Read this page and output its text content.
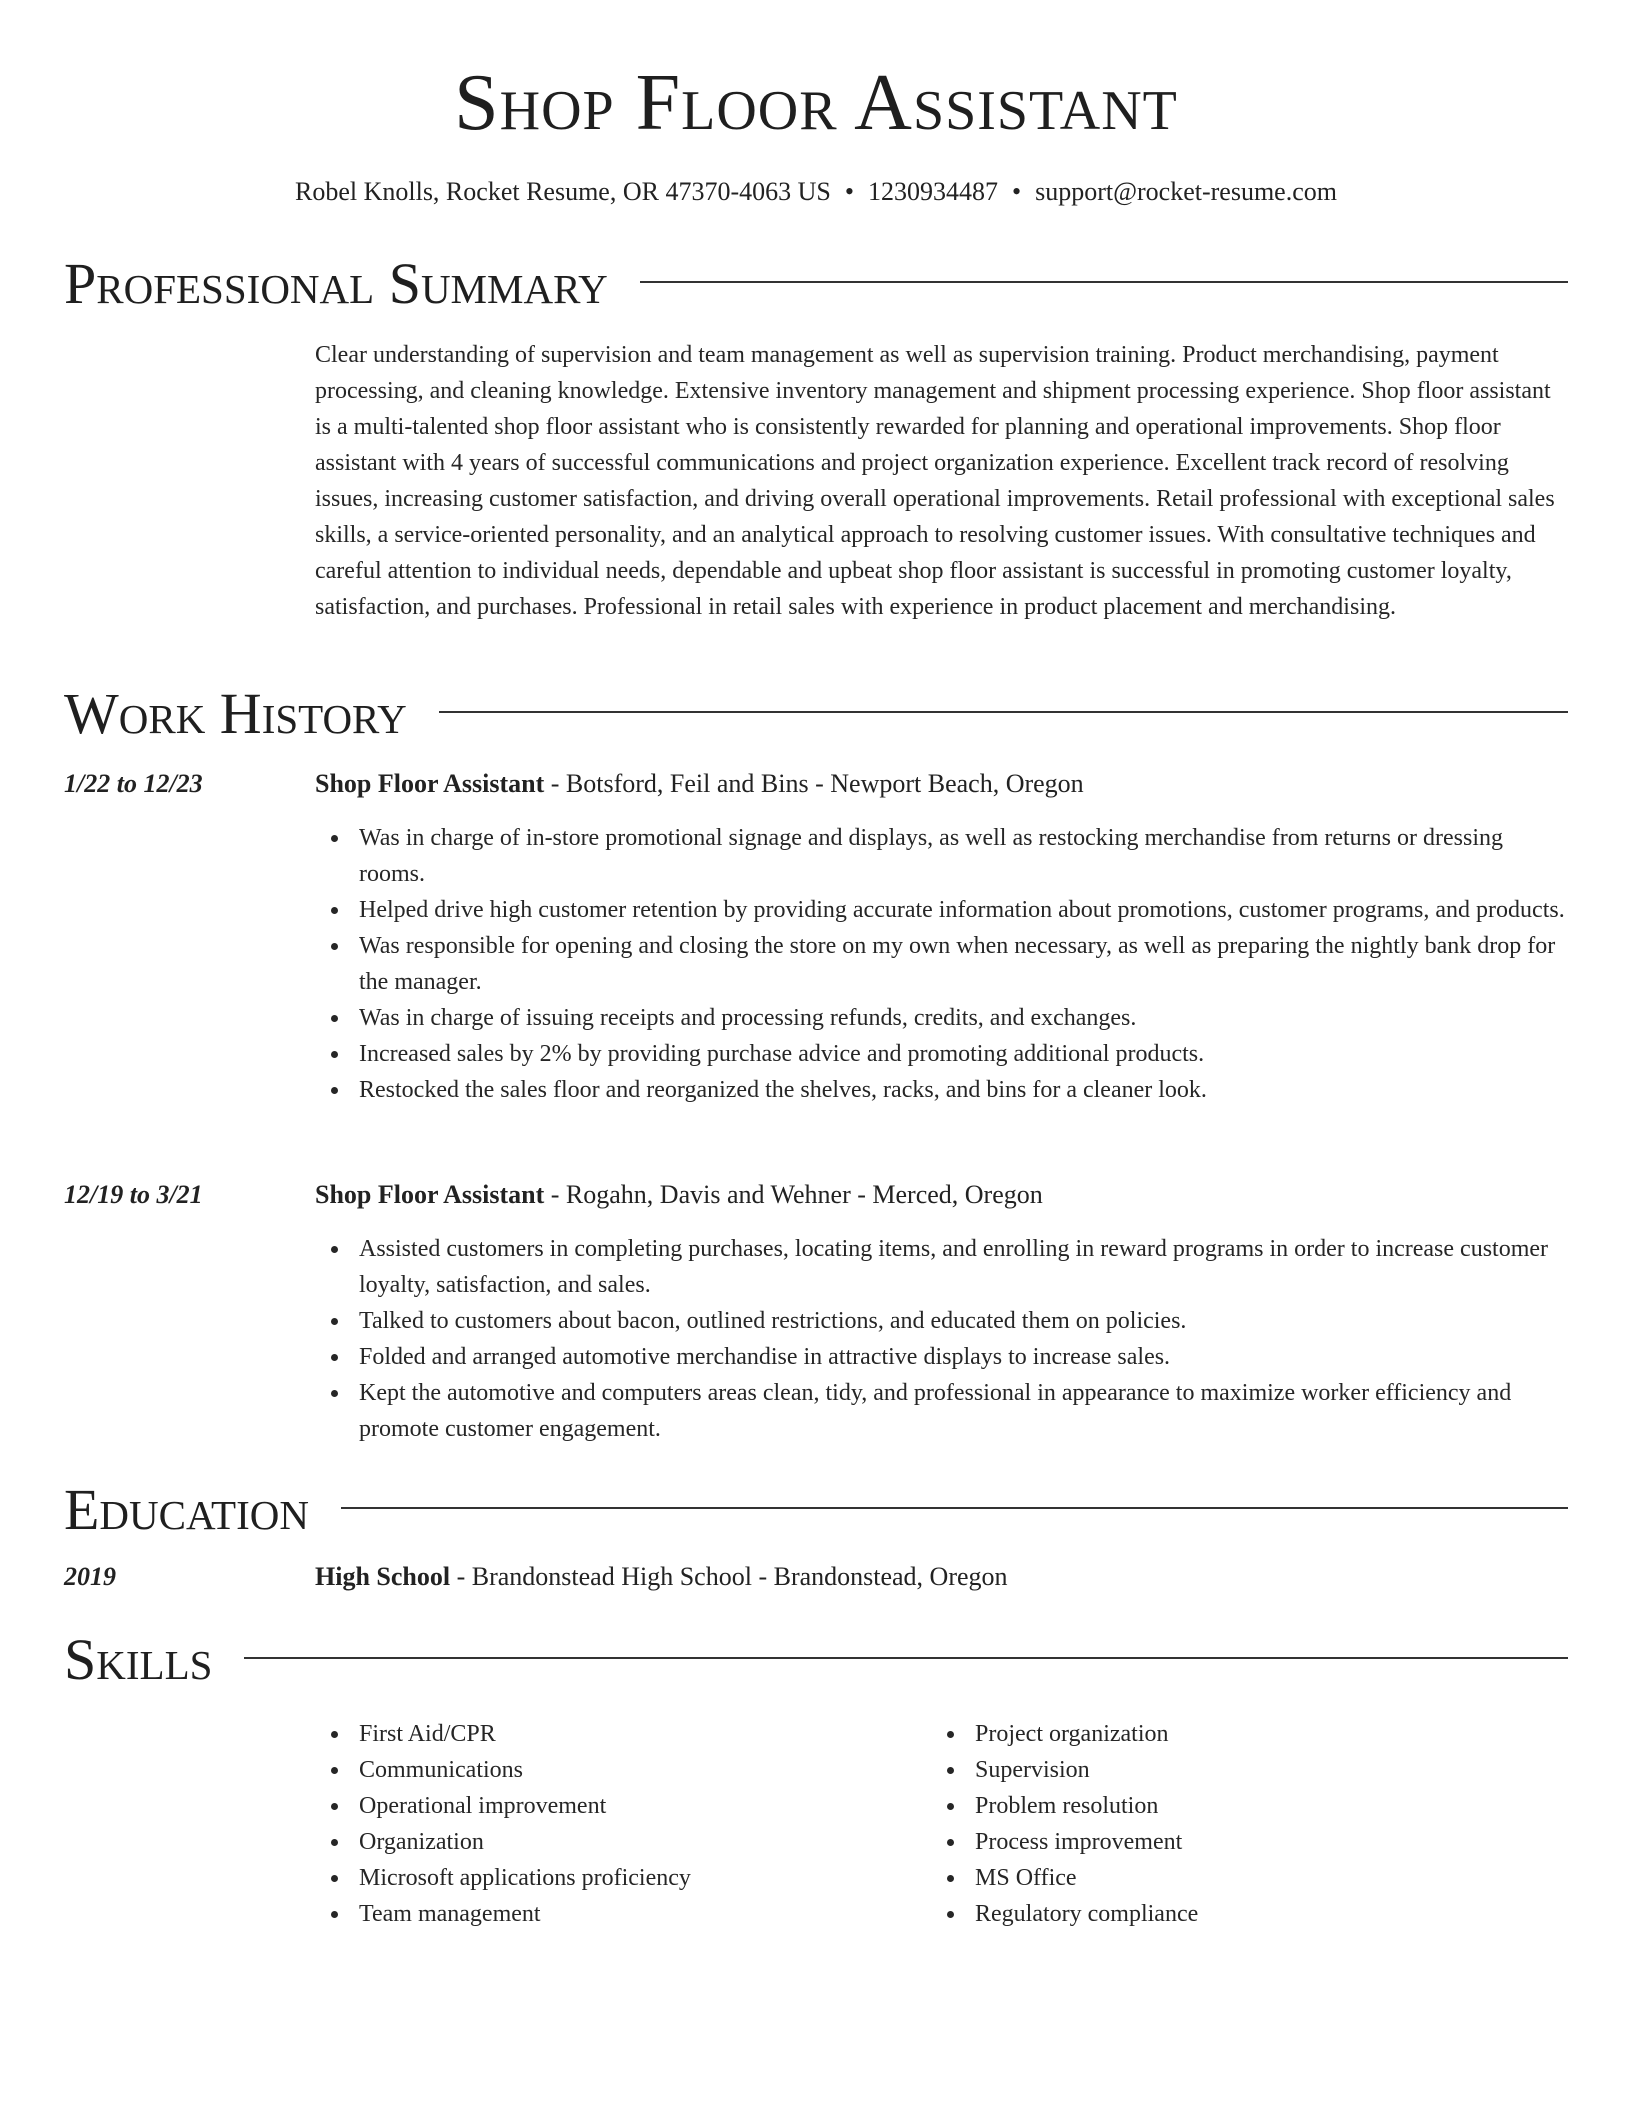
Shop Floor Assistant
Robel Knolls, Rocket Resume, OR 47370-4063 US • 1230934487 • support@rocket-resume.com
Professional Summary
Clear understanding of supervision and team management as well as supervision training. Product merchandising, payment processing, and cleaning knowledge. Extensive inventory management and shipment processing experience. Shop floor assistant is a multi-talented shop floor assistant who is consistently rewarded for planning and operational improvements. Shop floor assistant with 4 years of successful communications and project organization experience. Excellent track record of resolving issues, increasing customer satisfaction, and driving overall operational improvements. Retail professional with exceptional sales skills, a service-oriented personality, and an analytical approach to resolving customer issues. With consultative techniques and careful attention to individual needs, dependable and upbeat shop floor assistant is successful in promoting customer loyalty, satisfaction, and purchases. Professional in retail sales with experience in product placement and merchandising.
Work History
1/22 to 12/23	Shop Floor Assistant - Botsford, Feil and Bins - Newport Beach, Oregon
Was in charge of in-store promotional signage and displays, as well as restocking merchandise from returns or dressing rooms.
Helped drive high customer retention by providing accurate information about promotions, customer programs, and products.
Was responsible for opening and closing the store on my own when necessary, as well as preparing the nightly bank drop for the manager.
Was in charge of issuing receipts and processing refunds, credits, and exchanges.
Increased sales by 2% by providing purchase advice and promoting additional products.
Restocked the sales floor and reorganized the shelves, racks, and bins for a cleaner look.
12/19 to 3/21	Shop Floor Assistant - Rogahn, Davis and Wehner - Merced, Oregon
Assisted customers in completing purchases, locating items, and enrolling in reward programs in order to increase customer loyalty, satisfaction, and sales.
Talked to customers about bacon, outlined restrictions, and educated them on policies.
Folded and arranged automotive merchandise in attractive displays to increase sales.
Kept the automotive and computers areas clean, tidy, and professional in appearance to maximize worker efficiency and promote customer engagement.
Education
2019	High School - Brandonstead High School - Brandonstead, Oregon
Skills
First Aid/CPR
Communications
Operational improvement
Organization
Microsoft applications proficiency
Team management
Project organization
Supervision
Problem resolution
Process improvement
MS Office
Regulatory compliance
